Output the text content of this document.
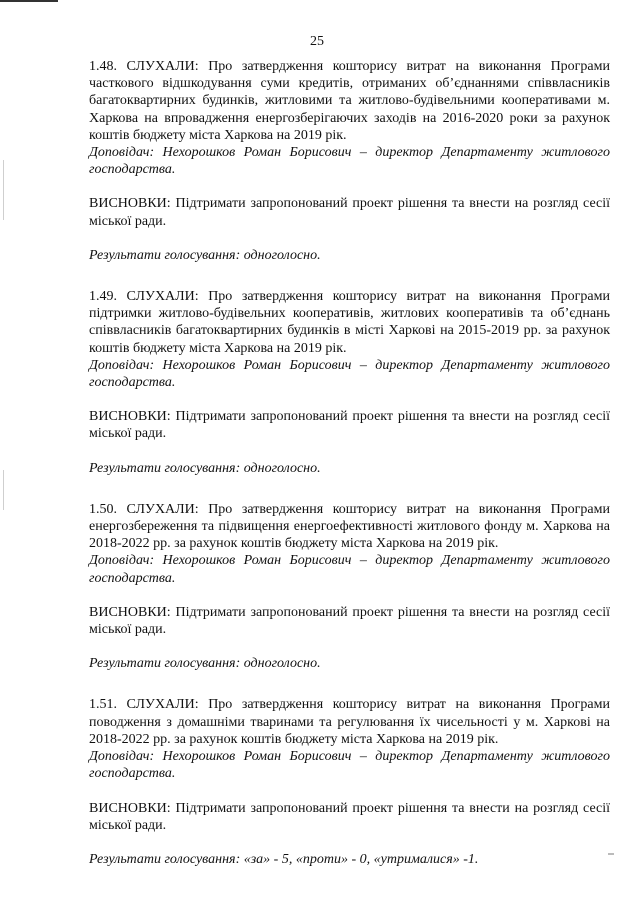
25

1.48. СЛУХАЛИ: Про затвердження кошторису витрат на виконання Програми часткового відшкодування суми кредитів, отриманих об’єднаннями співвласників багатоквартирних будинків, житловими та житлово-будівельними кооперативами м. Харкова на впровадження енергозберігаючих заходів на 2016-2020 роки за рахунок коштів бюджету міста Харкова на 2019 рік.

Доповідач: Нехорошков Роман Борисович – директор Департаменту житлового господарства.

ВИСНОВКИ: Підтримати запропонований проект рішення та внести на розгляд сесії міської ради.

Результати голосування: одноголосно.

1.49. СЛУХАЛИ: Про затвердження кошторису витрат на виконання Програми підтримки житлово-будівельних кооперативів, житлових кооперативів та об’єднань співвласників багатоквартирних будинків в місті Харкові на 2015-2019 рр. за рахунок коштів бюджету міста Харкова на 2019 рік.

Доповідач: Нехорошков Роман Борисович – директор Департаменту житлового господарства.

ВИСНОВКИ: Підтримати запропонований проект рішення та внести на розгляд сесії міської ради.

Результати голосування: одноголосно.

1.50. СЛУХАЛИ: Про затвердження кошторису витрат на виконання Програми енергозбереження та підвищення енергоефективності житлового фонду м. Харкова на 2018-2022 рр. за рахунок коштів бюджету міста Харкова на 2019 рік.

Доповідач: Нехорошков Роман Борисович – директор Департаменту житлового господарства.

ВИСНОВКИ: Підтримати запропонований проект рішення та внести на розгляд сесії міської ради.

Результати голосування: одноголосно.

1.51. СЛУХАЛИ: Про затвердження кошторису витрат на виконання Програми поводження з домашніми тваринами та регулювання їх чисельності у м. Харкові на 2018-2022 рр. за рахунок коштів бюджету міста Харкова на 2019 рік.

Доповідач: Нехорошков Роман Борисович – директор Департаменту житлового господарства.

ВИСНОВКИ: Підтримати запропонований проект рішення та внести на розгляд сесії міської ради.

Результати голосування: «за» - 5, «проти» - 0, «утрималися» -1.
